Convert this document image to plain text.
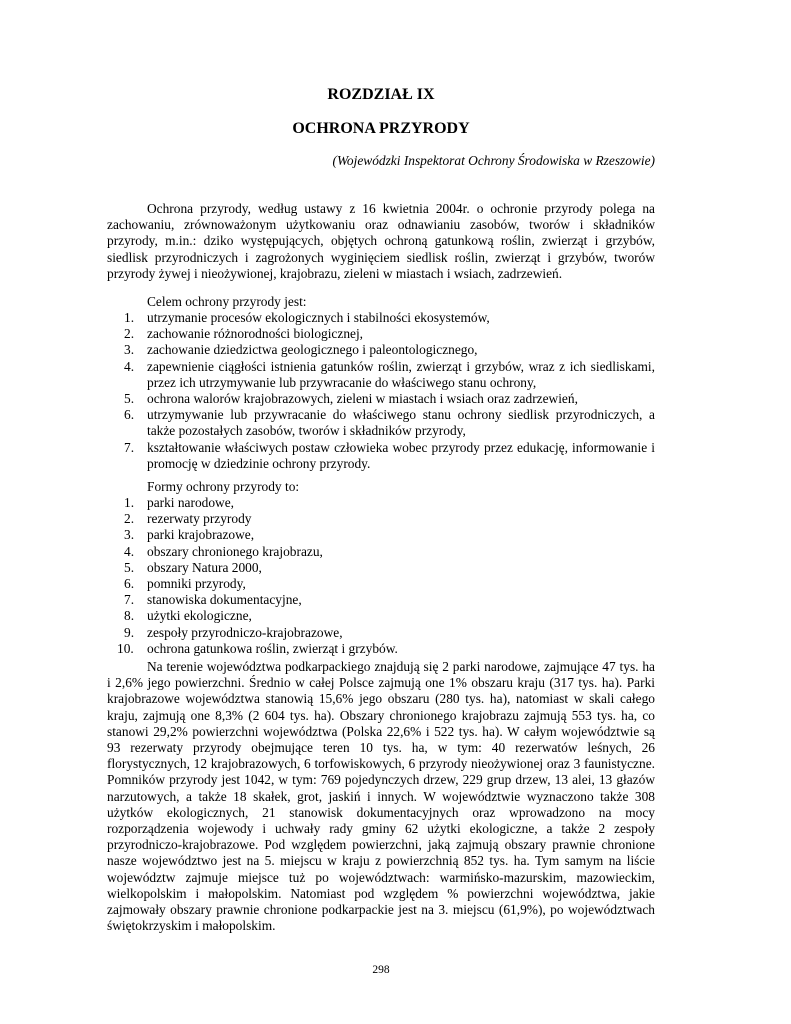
ROZDZIAŁ IX
OCHRONA PRZYRODY

(Wojewódzki Inspektorat Ochrony Środowiska w Rzeszowie)

Ochrona przyrody, według ustawy z 16 kwietnia 2004r. o ochronie przyrody polega na zachowaniu, zrównoważonym użytkowaniu oraz odnawianiu zasobów, tworów i składników przyrody, m.in.: dziko występujących, objętych ochroną gatunkową roślin, zwierząt i grzybów, siedlisk przyrodniczych i zagrożonych wyginięciem siedlisk roślin, zwierząt i grzybów, tworów przyrody żywej i nieożywionej, krajobrazu, zieleni w miastach i wsiach, zadrzewień.

Celem ochrony przyrody jest:

1. utrzymanie procesów ekologicznych i stabilności ekosystemów,
2. zachowanie różnorodności biologicznej,
3. zachowanie dziedzictwa geologicznego i paleontologicznego,
4. zapewnienie ciągłości istnienia gatunków roślin, zwierząt i grzybów, wraz z ich siedliskami, przez ich utrzymywanie lub przywracanie do właściwego stanu ochrony,
5. ochrona walorów krajobrazowych, zieleni w miastach i wsiach oraz zadrzewień,
6. utrzymywanie lub przywracanie do właściwego stanu ochrony siedlisk przyrodniczych, a także pozostałych zasobów, tworów i składników przyrody,
7. kształtowanie właściwych postaw człowieka wobec przyrody przez edukację, informowanie i promocję w dziedzinie ochrony przyrody.

Formy ochrony przyrody to:

1. parki narodowe,
2. rezerwaty przyrody
3. parki krajobrazowe,
4. obszary chronionego krajobrazu,
5. obszary Natura 2000,
6. pomniki przyrody,
7. stanowiska dokumentacyjne,
8. użytki ekologiczne,
9. zespoły przyrodniczo-krajobrazowe,
10. ochrona gatunkowa roślin, zwierząt i grzybów.

Na terenie województwa podkarpackiego znajdują się 2 parki narodowe, zajmujące 47 tys. ha i 2,6% jego powierzchni. Średnio w całej Polsce zajmują one 1% obszaru kraju (317 tys. ha). Parki krajobrazowe województwa stanowią 15,6% jego obszaru (280 tys. ha), natomiast w skali całego kraju, zajmują one 8,3% (2 604 tys. ha). Obszary chronionego krajobrazu zajmują 553 tys. ha, co stanowi 29,2% powierzchni województwa (Polska 22,6% i 522 tys. ha). W całym województwie są 93 rezerwaty przyrody obejmujące teren 10 tys. ha, w tym: 40 rezerwatów leśnych, 26 florystycznych, 12 krajobrazowych, 6 torfowiskowych, 6 przyrody nieożywionej oraz 3 faunistyczne. Pomników przyrody jest 1042, w tym: 769 pojedynczych drzew, 229 grup drzew, 13 alei, 13 głazów narzutowych, a także 18 skałek, grot, jaskiń i innych. W województwie wyznaczono także 308 użytków ekologicznych, 21 stanowisk dokumentacyjnych oraz wprowadzono na mocy rozporządzenia wojewody i uchwały rady gminy 62 użytki ekologiczne, a także 2 zespoły przyrodniczo-krajobrazowe. Pod względem powierzchni, jaką zajmują obszary prawnie chronione nasze województwo jest na 5. miejscu w kraju z powierzchnią 852 tys. ha. Tym samym na liście województw zajmuje miejsce tuż po województwach: warmińsko-mazurskim, mazowieckim, wielkopolskim i małopolskim. Natomiast pod względem % powierzchni województwa, jakie zajmowały obszary prawnie chronione podkarpackie jest na 3. miejscu (61,9%), po województwach świętokrzyskim i małopolskim.

298
